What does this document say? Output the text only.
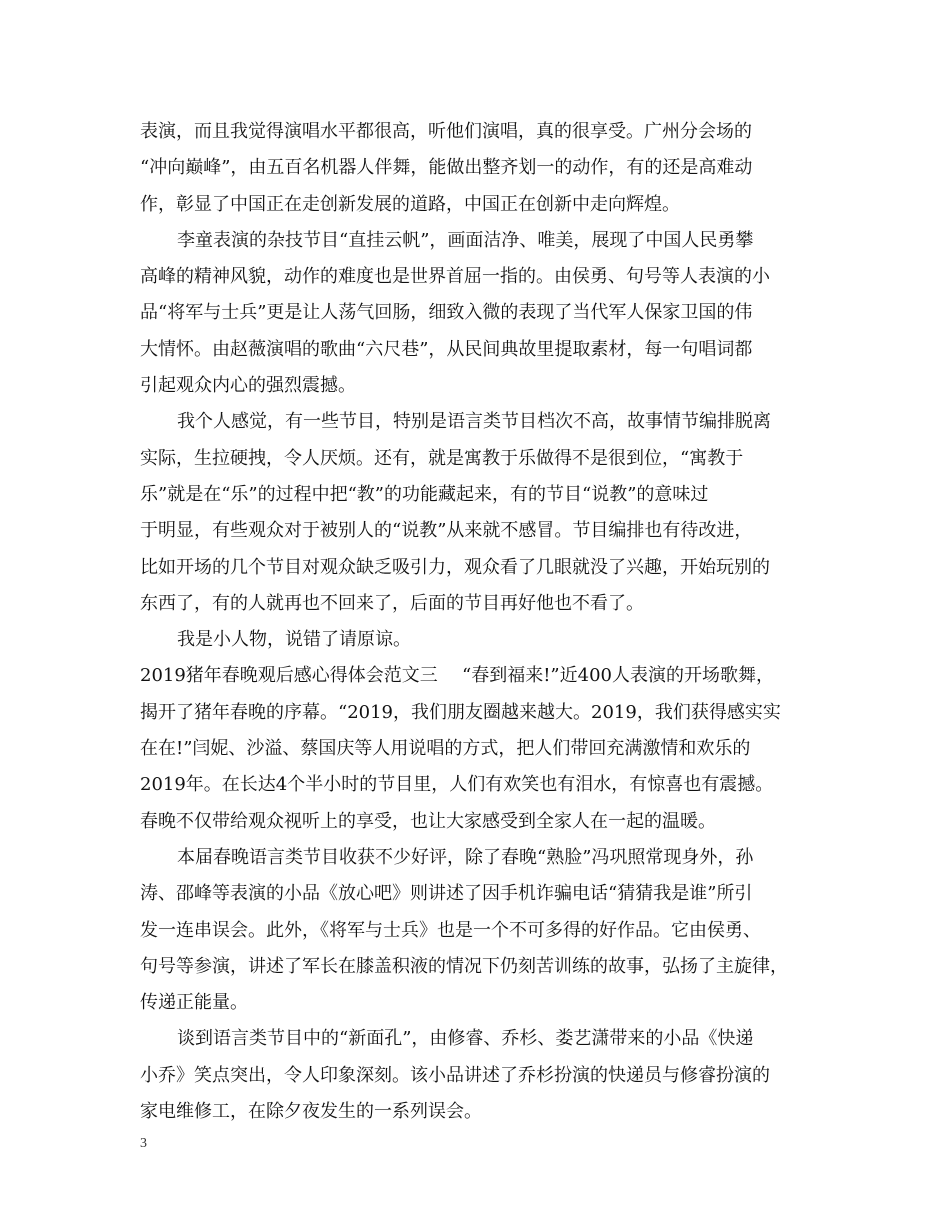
表演，而且我觉得演唱水平都很高，听他们演唱，真的很享受。广州分会场的
“冲向巅峰”，由五百名机器人伴舞，能做出整齐划一的动作，有的还是高难动
作，彰显了中国正在走创新发展的道路，中国正在创新中走向辉煌。
李童表演的杂技节目“直挂云帆”，画面洁净、唯美，展现了中国人民勇攀
高峰的精神风貌，动作的难度也是世界首屈一指的。由侯勇、句号等人表演的小
品“将军与士兵”更是让人荡气回肠，细致入微的表现了当代军人保家卫国的伟
大情怀。由赵薇演唱的歌曲“六尺巷”，从民间典故里提取素材，每一句唱词都
引起观众内心的强烈震撼。
我个人感觉，有一些节目，特别是语言类节目档次不高，故事情节编排脱离
实际，生拉硬拽，令人厌烦。还有，就是寓教于乐做得不是很到位，“寓教于
乐”就是在“乐”的过程中把“教”的功能藏起来，有的节目“说教”的意味过
于明显，有些观众对于被别人的“说教”从来就不感冒。节目编排也有待改进，
比如开场的几个节目对观众缺乏吸引力，观众看了几眼就没了兴趣，开始玩别的
东西了，有的人就再也不回来了，后面的节目再好他也不看了。
我是小人物，说错了请原谅。
2019猪年春晚观后感心得体会范文三 “春到福来!”近400人表演的开场歌舞，
揭开了猪年春晚的序幕。“2019，我们朋友圈越来越大。2019，我们获得感实实
在在!”闫妮、沙溢、蔡国庆等人用说唱的方式，把人们带回充满激情和欢乐的
2019年。在长达4个半小时的节目里，人们有欢笑也有泪水，有惊喜也有震撼。
春晚不仅带给观众视听上的享受，也让大家感受到全家人在一起的温暖。
本届春晚语言类节目收获不少好评，除了春晚“熟脸”冯巩照常现身外，孙
涛、邵峰等表演的小品《放心吧》则讲述了因手机诈骗电话“猜猜我是谁”所引
发一连串误会。此外，《将军与士兵》也是一个不可多得的好作品。它由侯勇、
句号等参演，讲述了军长在膝盖积液的情况下仍刻苦训练的故事，弘扬了主旋律，
传递正能量。
谈到语言类节目中的“新面孔”，由修睿、乔杉、娄艺潇带来的小品《快递
小乔》笑点突出，令人印象深刻。该小品讲述了乔杉扮演的快递员与修睿扮演的
家电维修工，在除夕夜发生的一系列误会。
3
